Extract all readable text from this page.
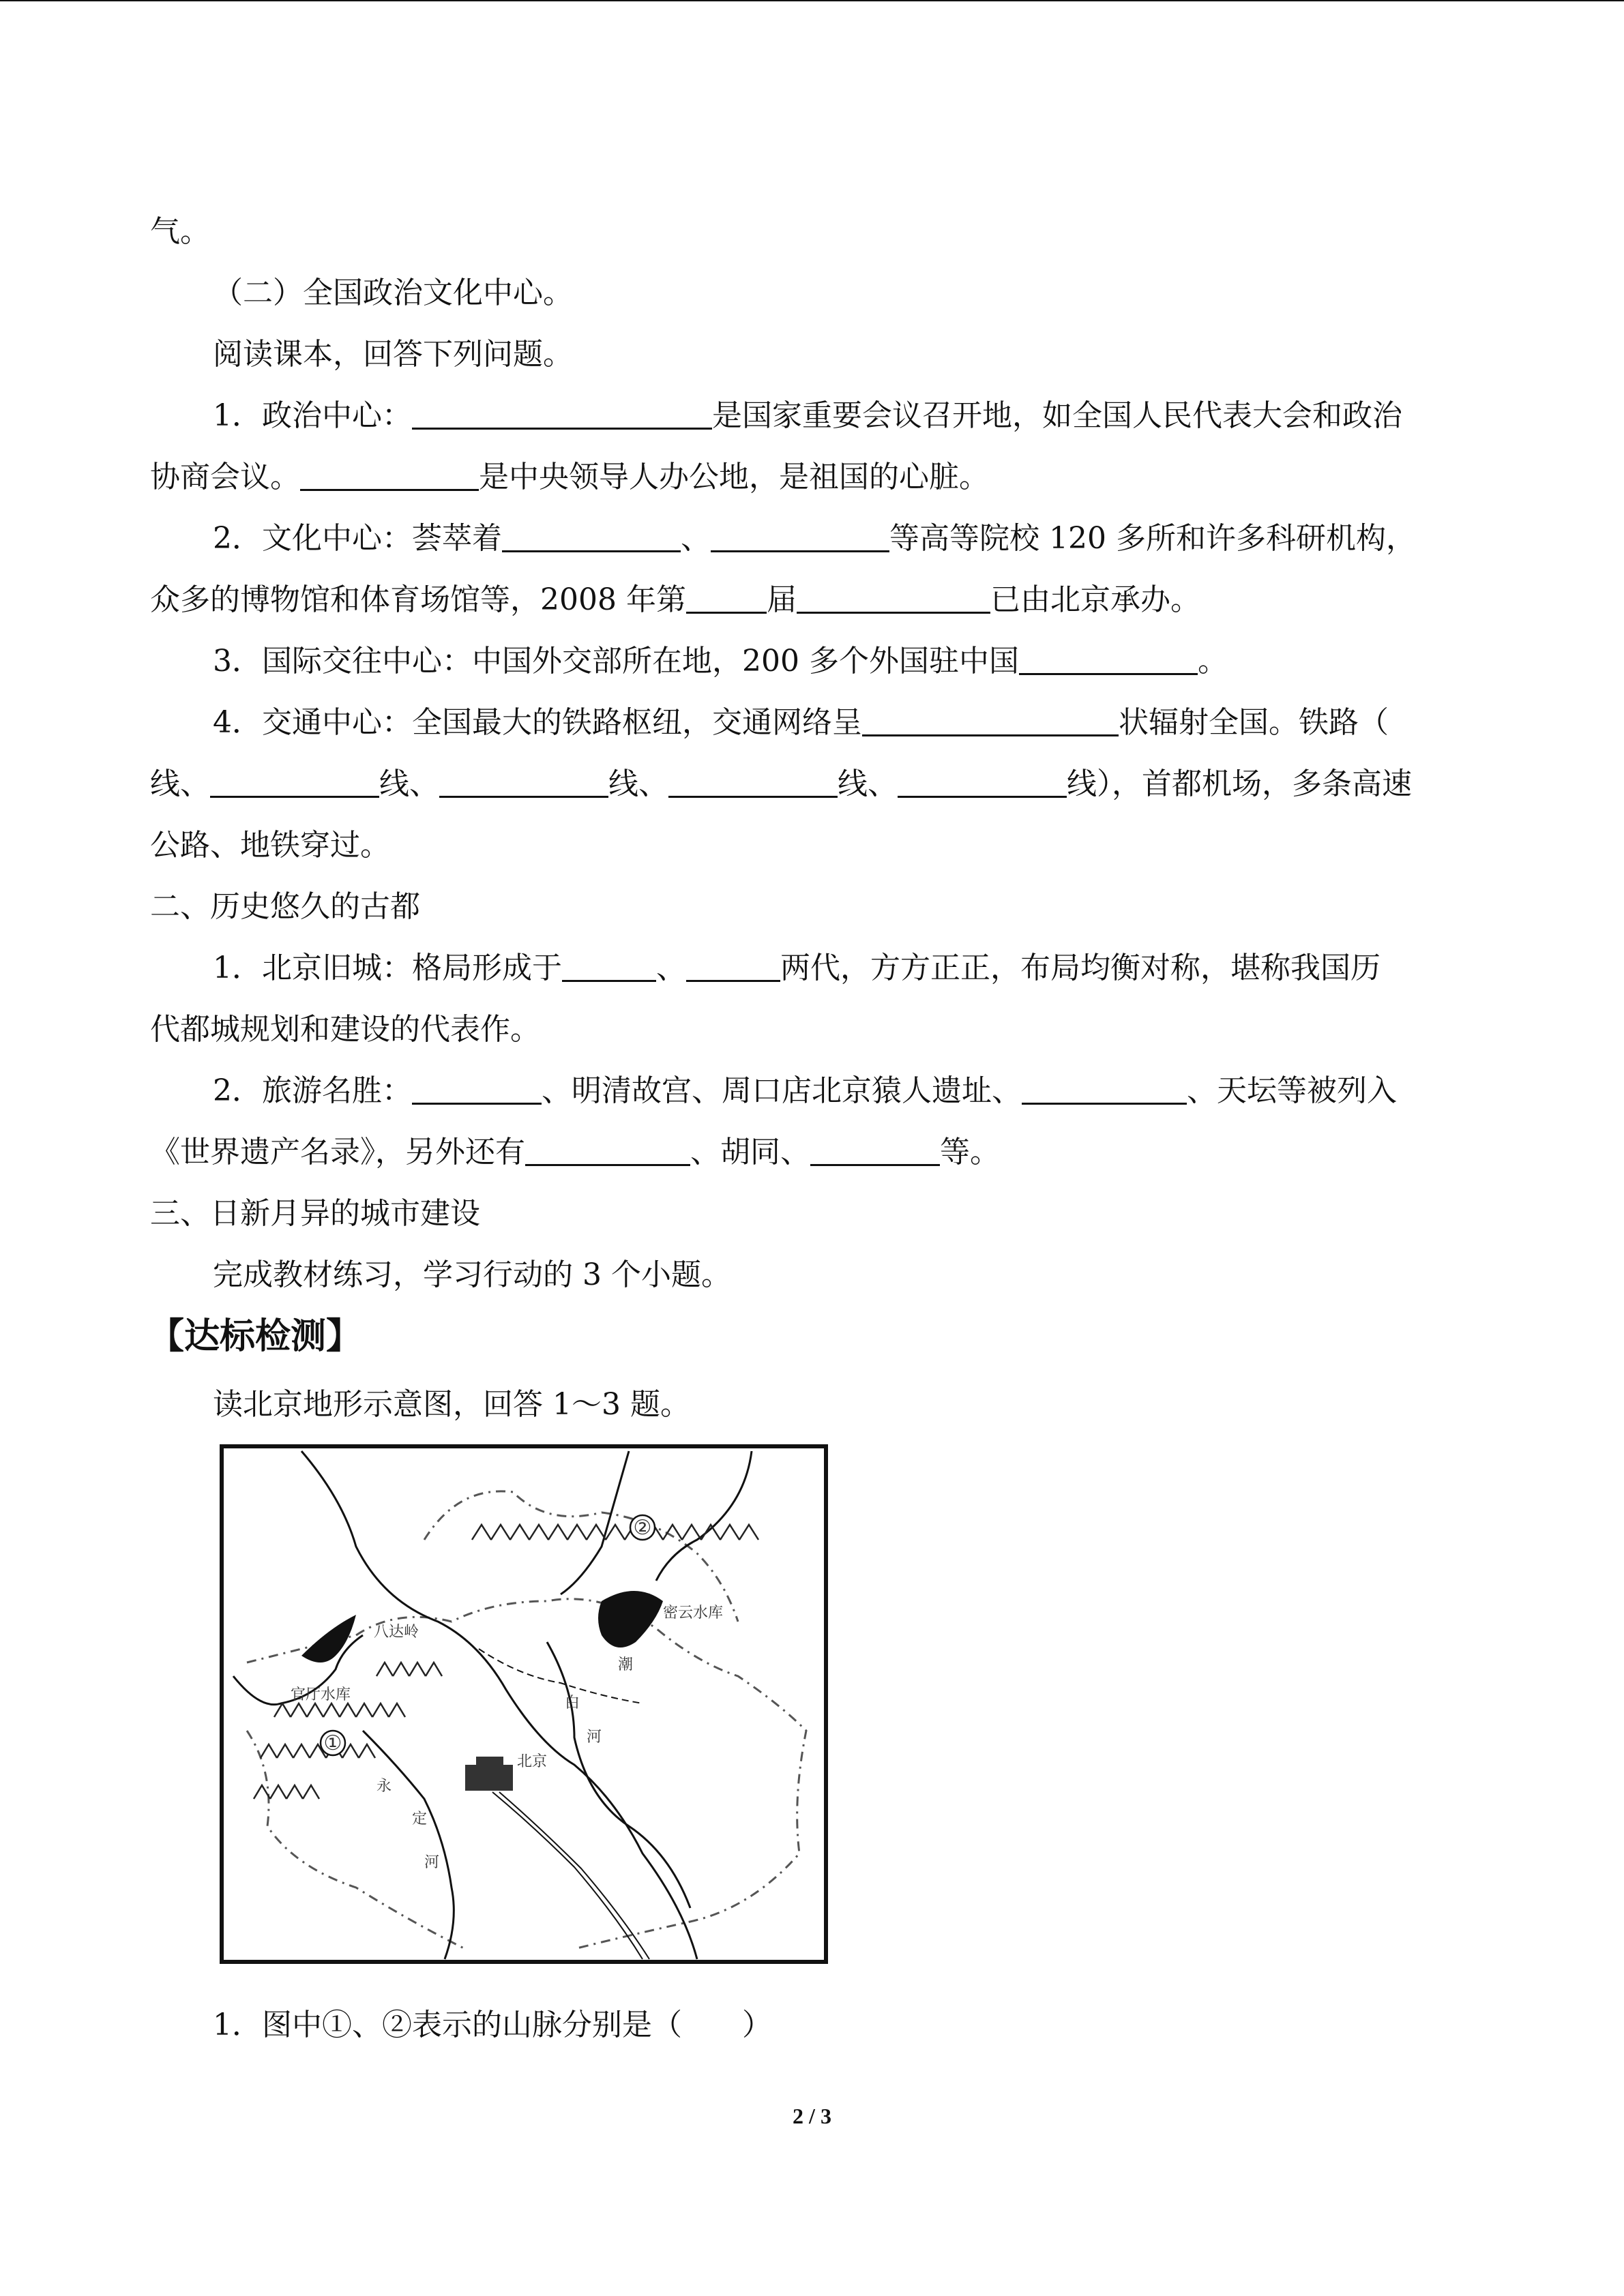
气。
（二）全国政治文化中心。
阅读课本，回答下列问题。
1．政治中心：	是国家重要会议召开地，如全国人民代表大会和政治
协商会议。	是中央领导人办公地，是祖国的心脏。
2．文化中心：荟萃着	、	等高等院校 120 多所和许多科研机构，
众多的博物馆和体育场馆等，2008 年第	届	已由北京承办。
3．国际交往中心：中国外交部所在地，200 多个外国驻中国	。
4．交通中心：全国最大的铁路枢纽，交通网络呈	状辐射全国。铁路（
线、	线、	线、	线、	线），首都机场，多条高速
公路、地铁穿过。
二、历史悠久的古都
1．北京旧城：格局形成于	、	两代，方方正正，布局均衡对称，堪称我国历
代都城规划和建设的代表作。
2．旅游名胜：	、明清故宫、周口店北京猿人遗址、	、天坛等被列入
《世界遗产名录》，另外还有	、胡同、	等。
三、日新月异的城市建设
完成教材练习，学习行动的 3 个小题。
【达标检测】
读北京地形示意图，回答 1～3 题。
②
①
八达岭
官厅水库
密云水库
北京
潮
白
河
永
定
河
1．图中①、②表示的山脉分别是（　　）
2 / 3
